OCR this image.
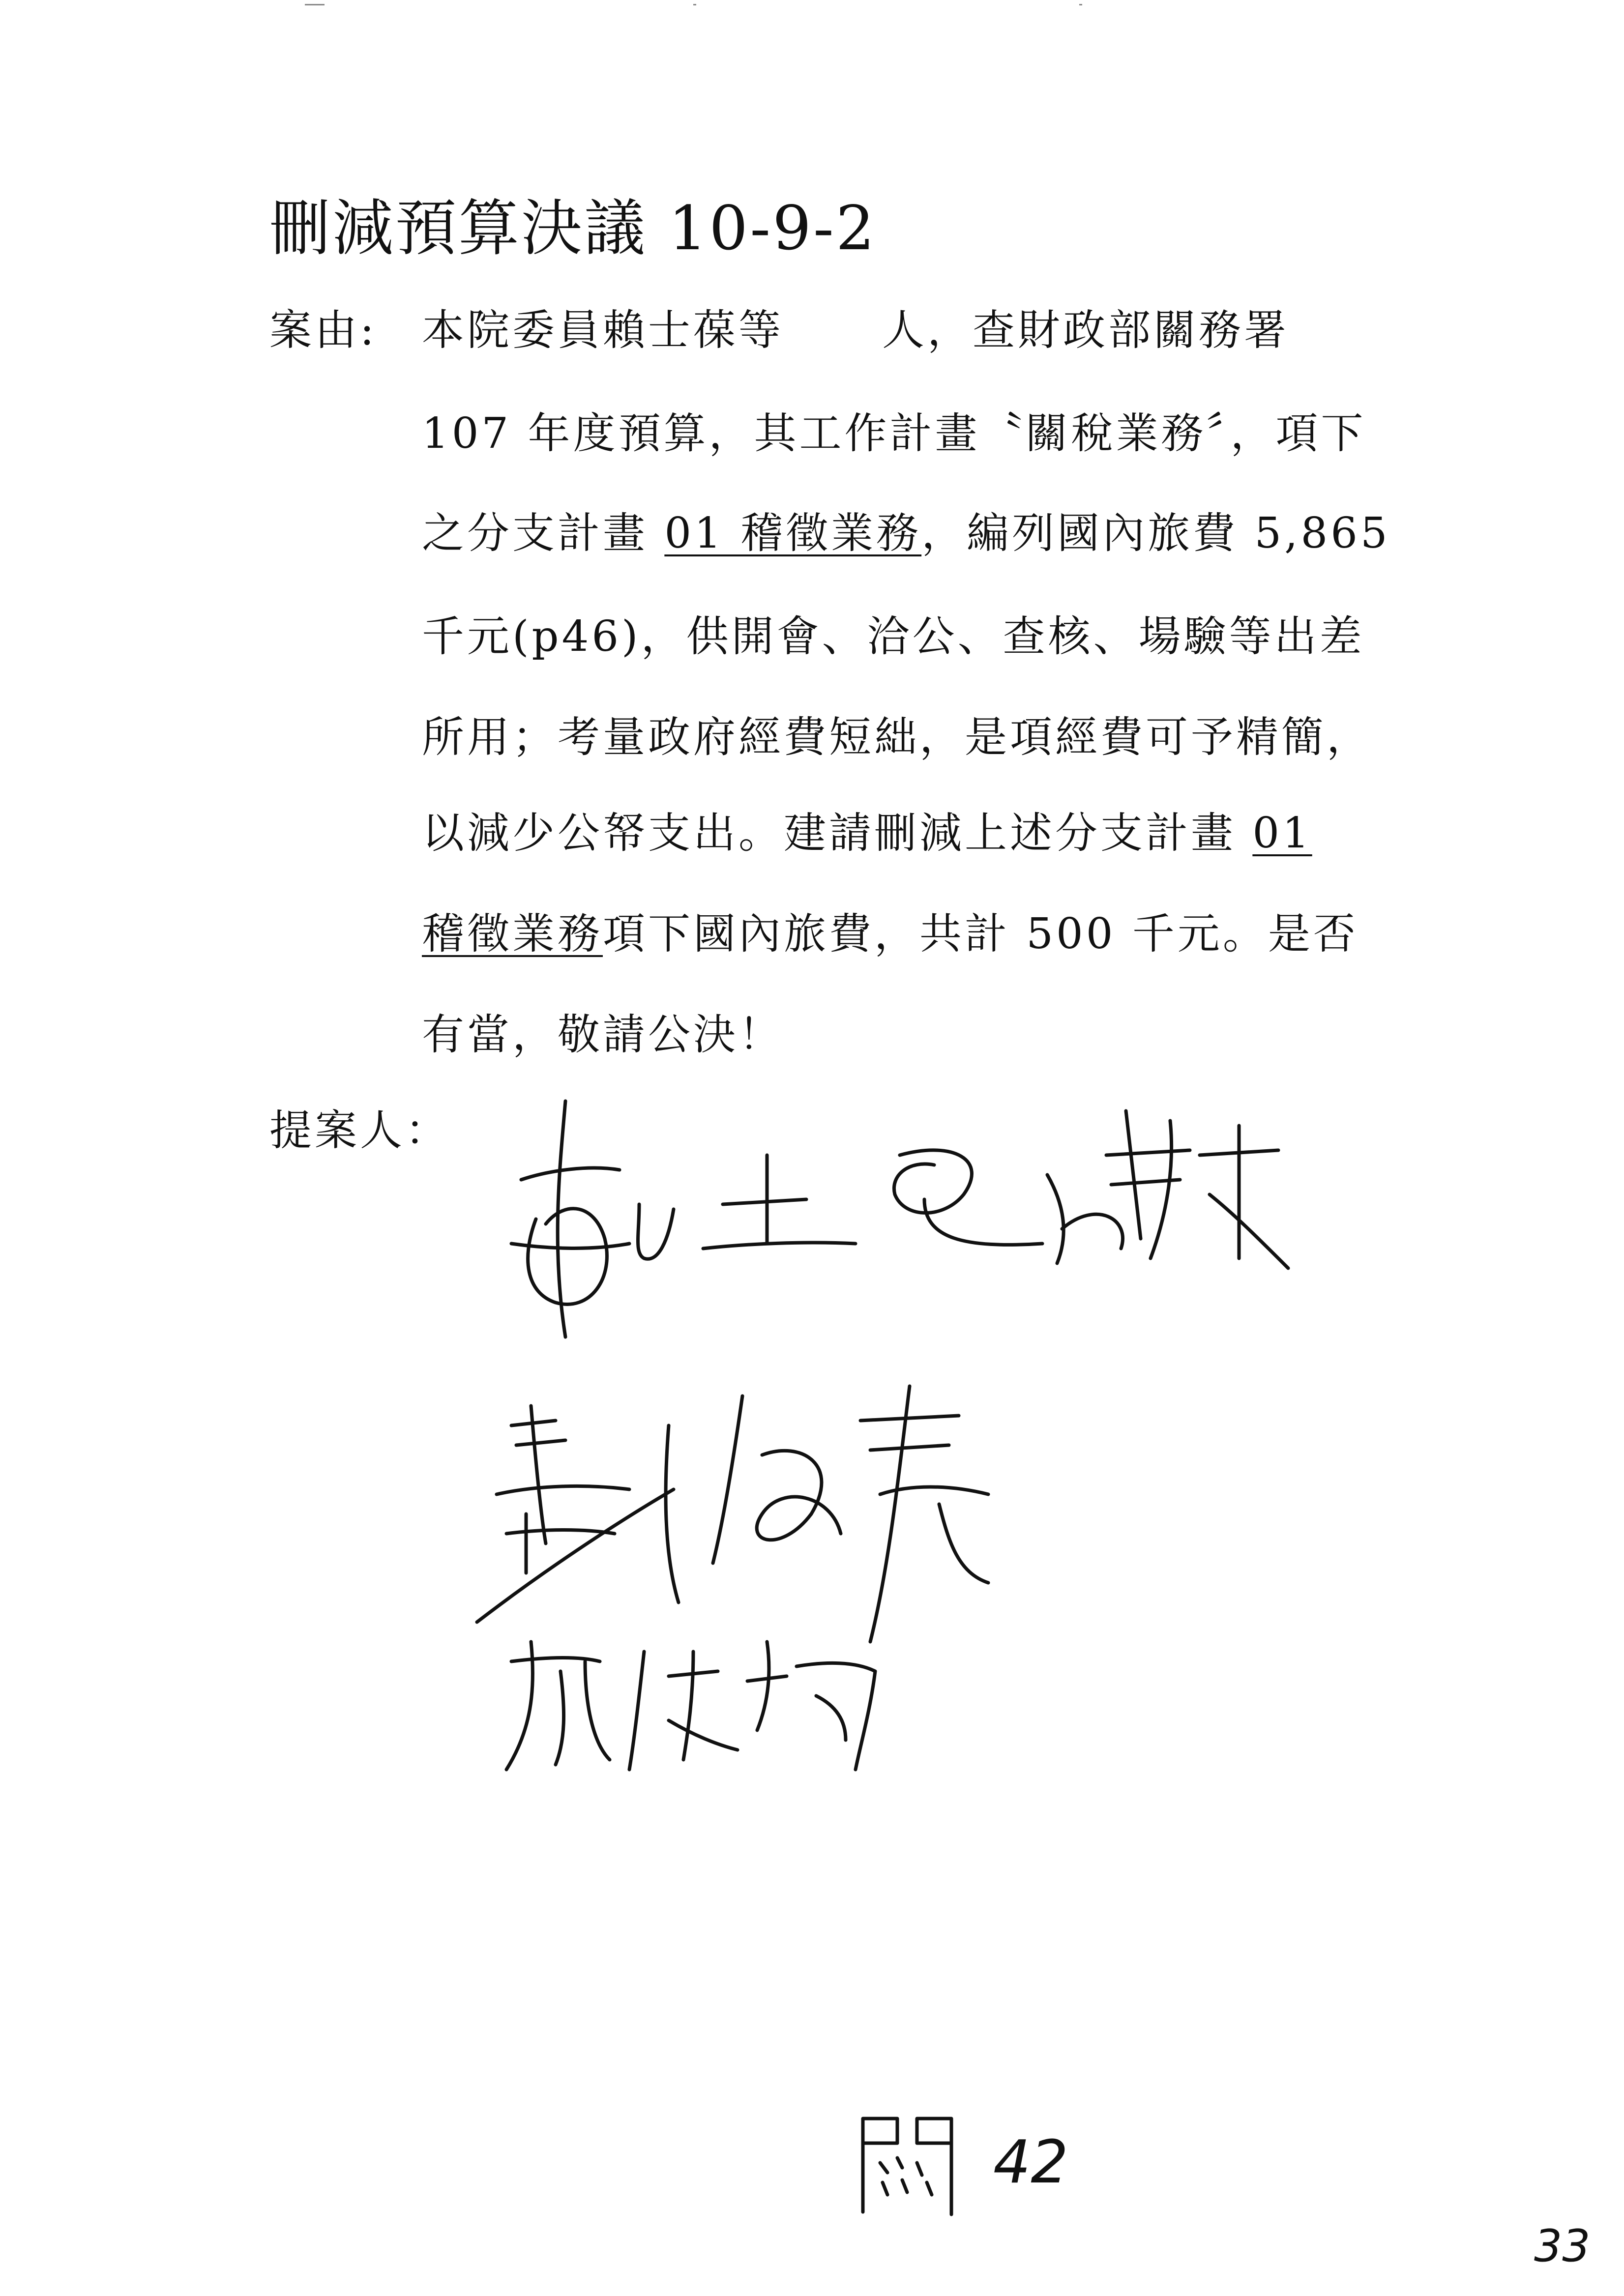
刪減預算決議 10-9-2
案由: 本院委員賴士葆等 人，查財政部關務署
107 年度預算，其工作計畫〝關稅業務〞，項下
之分支計畫 01 稽徵業務，編列國內旅費 5,865
千元(p46)，供開會、洽公、查核、場驗等出差
所用；考量政府經費短絀，是項經費可予精簡，
以減少公帑支出。建請刪減上述分支計畫 01
稽徵業務項下國內旅費，共計 500 千元。是否
有當，敬請公決！
提案人：
42
33
